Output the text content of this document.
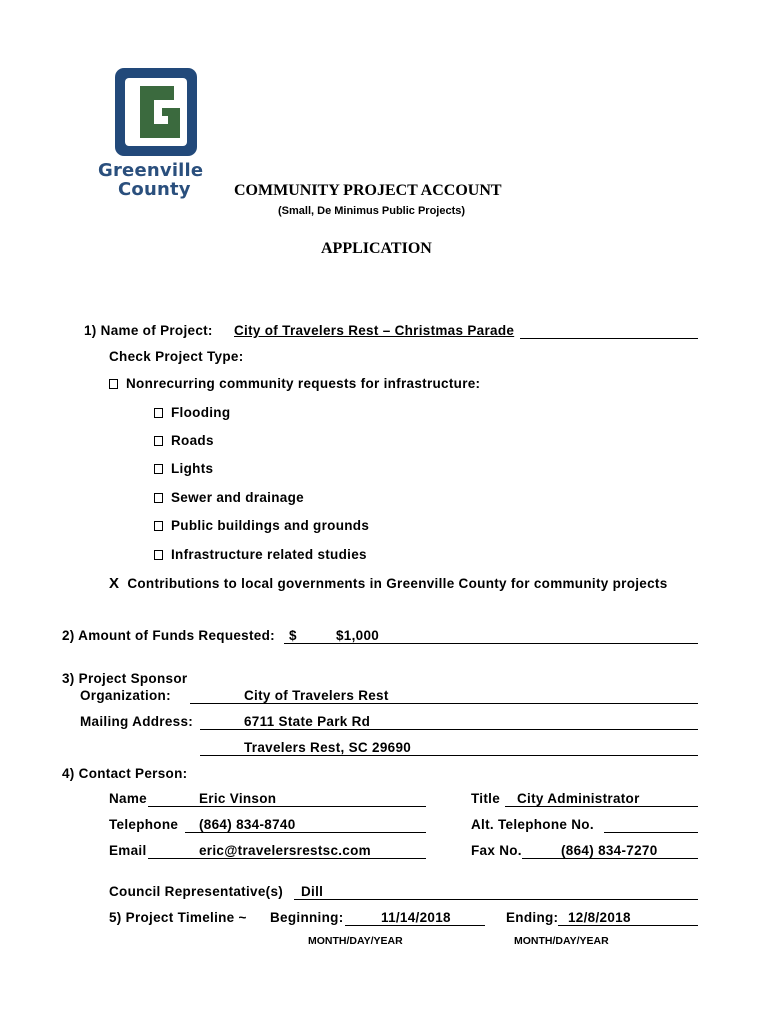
Greenville
County	COMMUNITY PROJECT ACCOUNT
(Small, De Minimus Public Projects)
APPLICATION
1) Name of Project: City of Travelers Rest – Christmas Parade
Check Project Type:
Nonrecurring community requests for infrastructure:
Flooding
Roads
Lights
Sewer and drainage
Public buildings and grounds
Infrastructure related studies
X Contributions to local governments in Greenville County for community projects
2) Amount of Funds Requested: $	$1,000
3) Project Sponsor
Organization:	City of Travelers Rest
Mailing Address:	6711 State Park Rd
Travelers Rest, SC 29690
4) Contact Person:
Name	Eric Vinson	Title City Administrator
Telephone (864) 834-8740	Alt. Telephone No.
Email	eric@travelersrestsc.com	Fax No.	(864) 834-7270
Council Representative(s) Dill
5) Project Timeline ~ Beginning:	11/14/2018	Ending: 12/8/2018
MONTH/DAY/YEAR	MONTH/DAY/YEAR
